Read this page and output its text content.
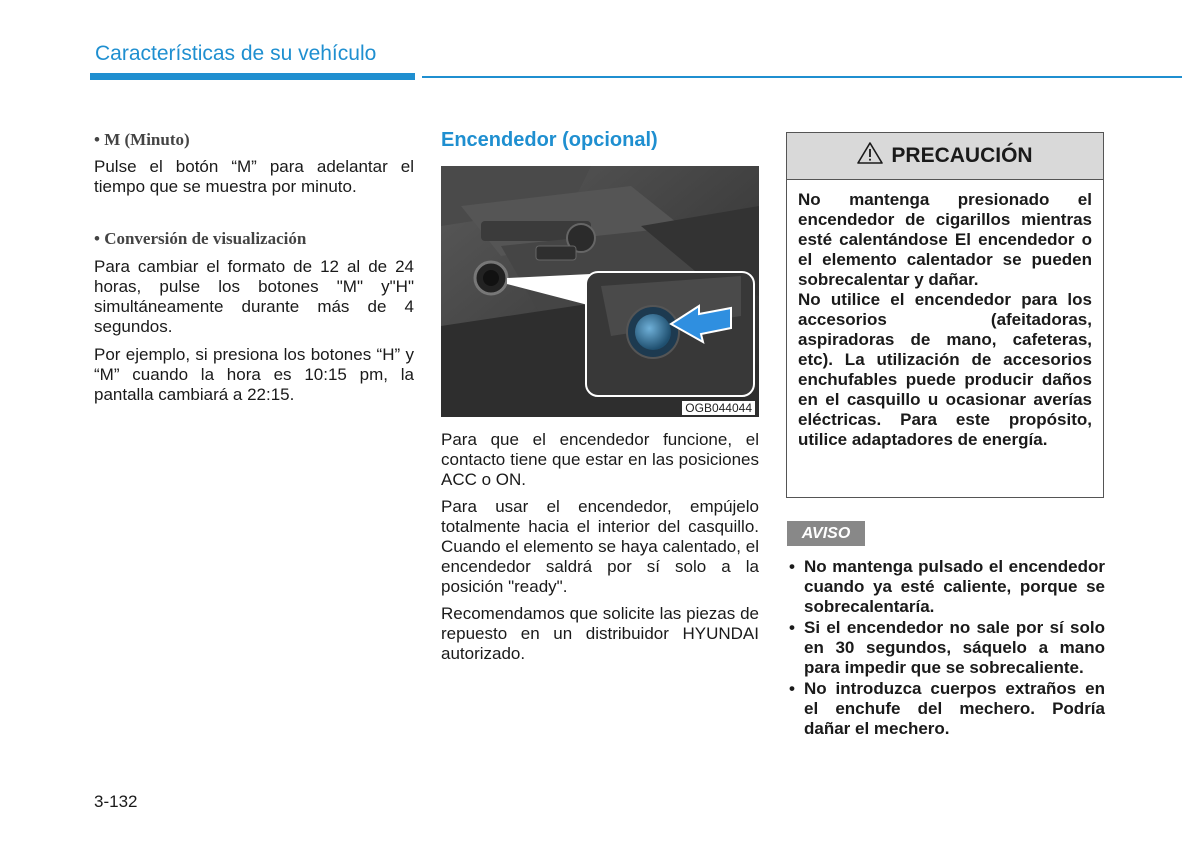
Características de su vehículo
• M (Minuto)

Pulse el botón “M” para adelantar el tiempo que se muestra por minuto.

• Conversión de visualización

Para cambiar el formato de 12 al de 24 horas, pulse los botones "M" y"H" simultáneamente durante más de 4 segundos.

Por ejemplo, si presiona los botones “H” y “M” cuando la hora es 10:15 pm, la pantalla cambiará a 22:15.

Encendedor (opcional)
OGB044044

Para que el encendedor funcione, el contacto tiene que estar en las posiciones ACC o ON.

Para usar el encendedor, empújelo totalmente hacia el interior del casquillo. Cuando el elemento se haya calentado, el encendedor saldrá por sí solo a la posición "ready".

Recomendamos que solicite las piezas de repuesto en un distribuidor HYUNDAI autorizado.

PRECAUCIÓN
No mantenga presionado el encendedor de cigarillos mientras esté calentándose El encendedor o el elemento calentador se pueden sobrecalentar y dañar.
No utilice el encendedor para los accesorios (afeitadoras, aspiradoras de mano, cafeteras, etc). La utilización de accesorios enchufables puede producir daños en el casquillo u ocasionar averías eléctricas. Para este propósito, utilice adaptadores de energía.
AVISO
• No mantenga pulsado el encendedor cuando ya esté caliente, porque se sobrecalentaría.
• Si el encendedor no sale por sí solo en 30 segundos, sáquelo a mano para impedir que se sobrecaliente.
• No introduzca cuerpos extraños en el enchufe del mechero. Podría dañar el mechero.
3-132
